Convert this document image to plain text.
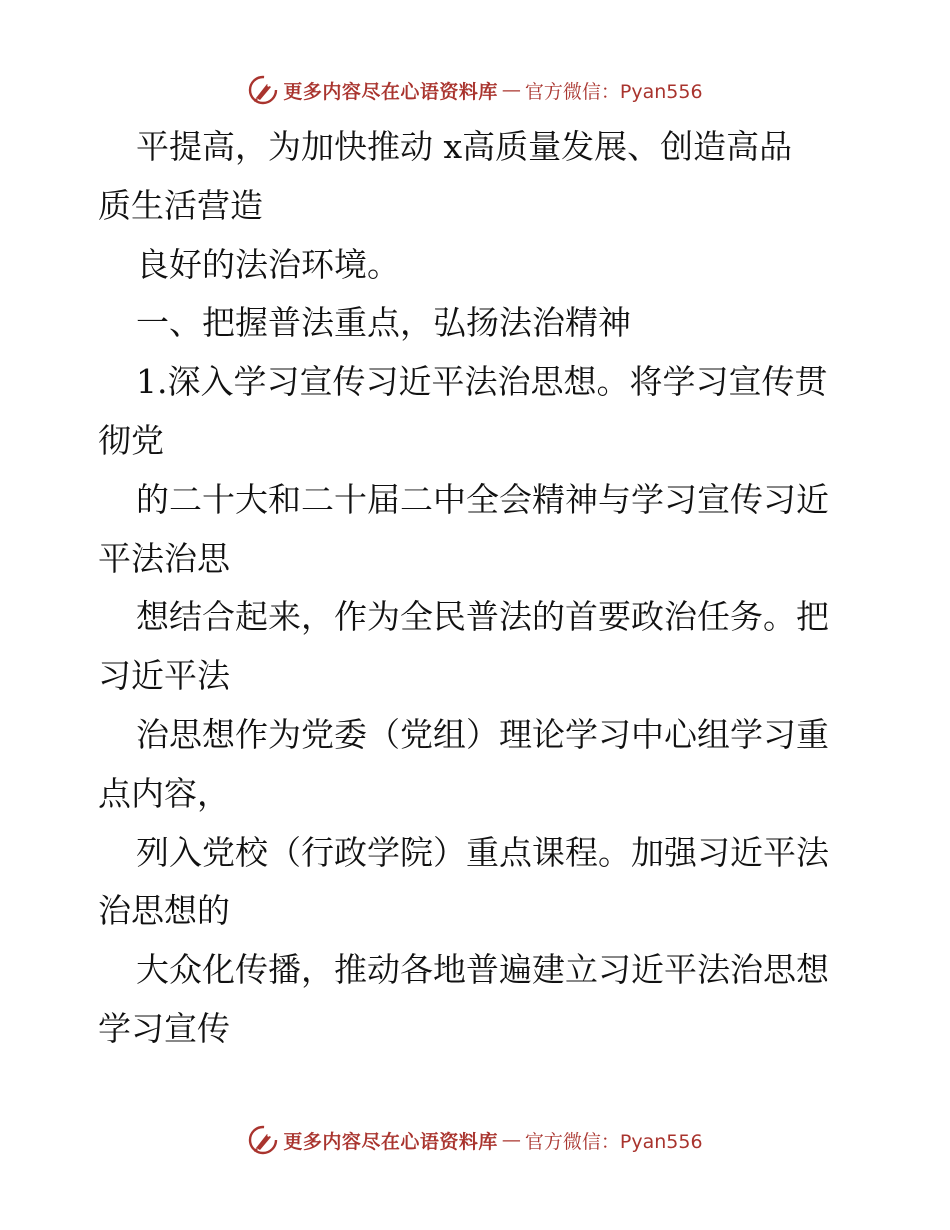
更多内容尽在心语资料库 — 官方微信：Pyan556
平提高，为加快推动 x高质量发展、创造高品
质生活营造
良好的法治环境。
一、把握普法重点，弘扬法治精神
1.深入学习宣传习近平法治思想。将学习宣传贯
彻党
的二十大和二十届二中全会精神与学习宣传习近
平法治思
想结合起来，作为全民普法的首要政治任务。把
习近平法
治思想作为党委（党组）理论学习中心组学习重
点内容，
列入党校（行政学院）重点课程。加强习近平法
治思想的
大众化传播，推动各地普遍建立习近平法治思想
学习宣传
更多内容尽在心语资料库 — 官方微信：Pyan556
